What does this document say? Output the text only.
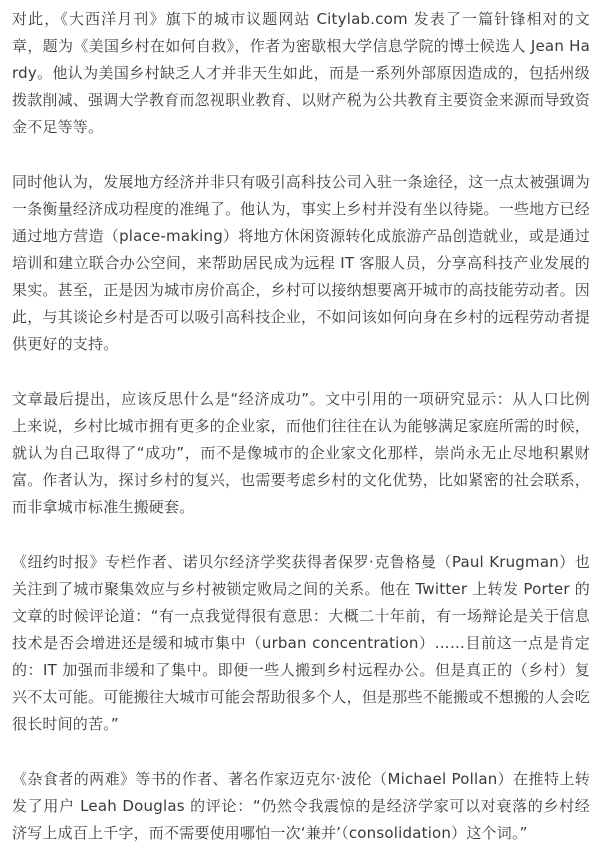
对此，《大西洋月刊》旗下的城市议题网站 Citylab.com 发表了一篇针锋相对的文章，题为《美国乡村在如何自救》，作者为密歇根大学信息学院的博士候选人 Jean Hardy。他认为美国乡村缺乏人才并非天生如此，而是一系列外部原因造成的，包括州级拨款削减、强调大学教育而忽视职业教育、以财产税为公共教育主要资金来源而导致资金不足等等。

同时他认为，发展地方经济并非只有吸引高科技公司入驻一条途径，这一点太被强调为一条衡量经济成功程度的准绳了。他认为，事实上乡村并没有坐以待毙。一些地方已经通过地方营造（place-making）将地方休闲资源转化成旅游产品创造就业，或是通过培训和建立联合办公空间，来帮助居民成为远程 IT 客服人员，分享高科技产业发展的果实。甚至，正是因为城市房价高企，乡村可以接纳想要离开城市的高技能劳动者。因此，与其谈论乡村是否可以吸引高科技企业，不如问该如何向身在乡村的远程劳动者提供更好的支持。

文章最后提出，应该反思什么是“经济成功”。文中引用的一项研究显示：从人口比例上来说，乡村比城市拥有更多的企业家，而他们往往在认为能够满足家庭所需的时候，就认为自己取得了“成功”，而不是像城市的企业家文化那样，崇尚永无止尽地积累财富。作者认为，探讨乡村的复兴，也需要考虑乡村的文化优势，比如紧密的社会联系，而非拿城市标准生搬硬套。

《纽约时报》专栏作者、诺贝尔经济学奖获得者保罗·克鲁格曼（Paul Krugman）也关注到了城市聚集效应与乡村被锁定败局之间的关系。他在 Twitter 上转发 Porter 的文章的时候评论道：“有一点我觉得很有意思：大概二十年前，有一场辩论是关于信息技术是否会增进还是缓和城市集中（urban concentration）……目前这一点是肯定的：IT 加强而非缓和了集中。即便一些人搬到乡村远程办公。但是真正的（乡村）复兴不太可能。可能搬往大城市可能会帮助很多个人，但是那些不能搬或不想搬的人会吃很长时间的苦。”

《杂食者的两难》等书的作者、著名作家迈克尔·波伦（Michael Pollan）在推特上转发了用户 Leah Douglas 的评论：“仍然令我震惊的是经济学家可以对衰落的乡村经济写上成百上千字，而不需要使用哪怕一次‘兼并’（consolidation）这个词。”
